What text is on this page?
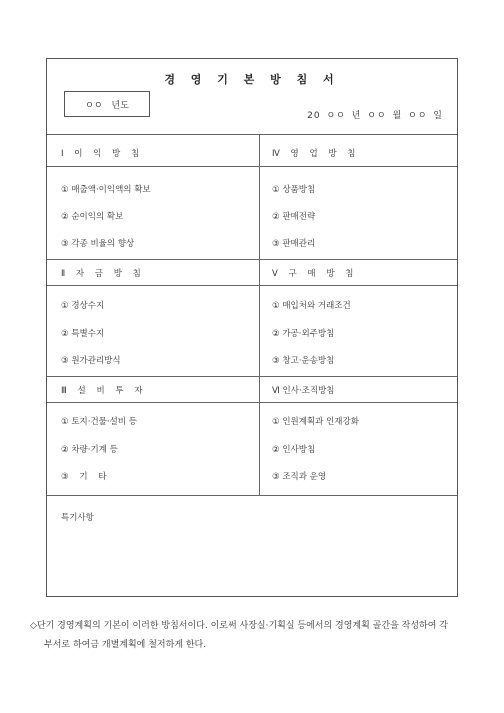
경 영 기 본 방 침 서
ㅇㅇ 년도
20 ㅇㅇ 년 ㅇㅇ 월 ㅇㅇ 일
Ⅰ 이 익 방 침	Ⅳ 영 업 방 침
① 매출액·이익액의 확보
② 순이익의 확보
③ 각종 비율의 향상
① 상품방침
② 판매전략
③ 판매관리
Ⅱ 자 금 방 침	Ⅴ 구 매 방 침
① 경상수지
② 특별수지
③ 원가관리방식
① 매입처와 거래조건
② 가공·외주방침
③ 창고·운송방침
Ⅲ 설 비 투 자	Ⅵ 인사·조직방침
① 토지·건물·설비 등
② 차량·기계 등
③ 기 타
① 인원계획과 인재강화
② 인사방침
③ 조직과 운영
특기사항
◇단기 경영계획의 기본이 이러한 방침서이다. 이로써 사장실·기획실 등에서의 경영계획 골간을 작성하여 각
부서로 하여금 개별계획에 철저하게 한다.
